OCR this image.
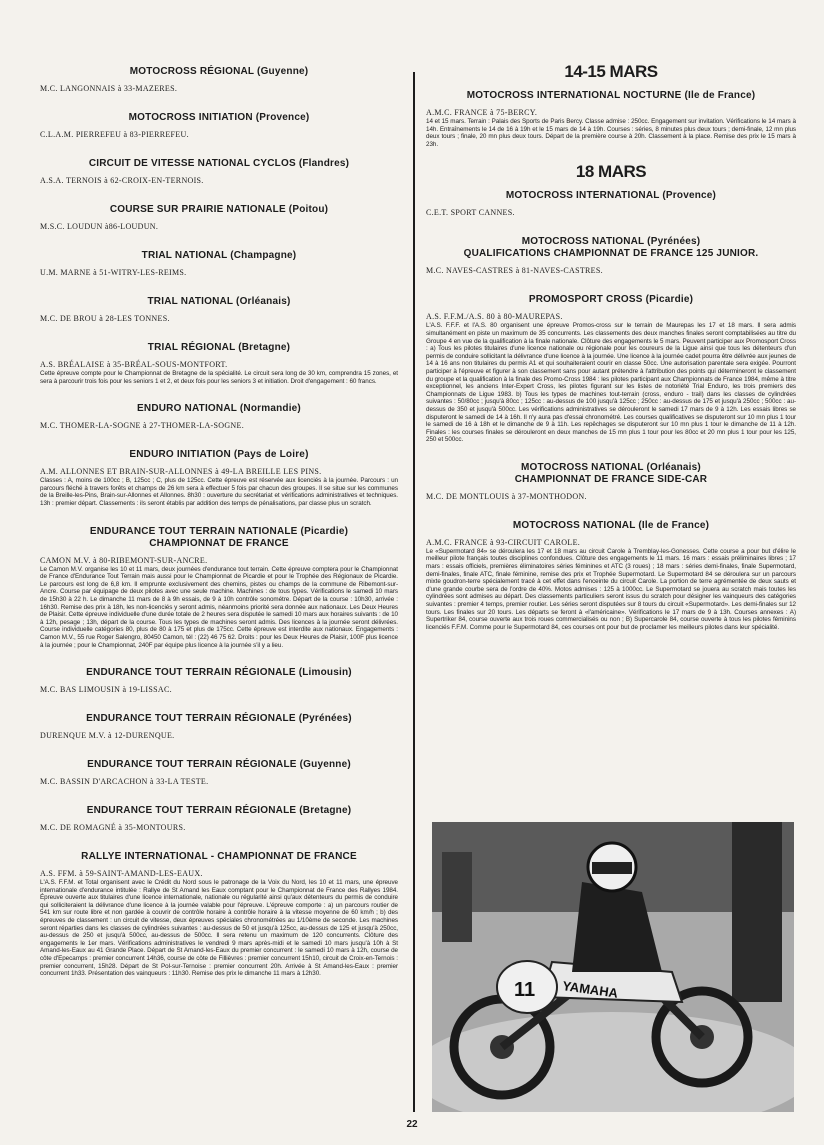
MOTOCROSS RÉGIONAL (Guyenne)

M.C. LANGONNAIS à 33-MAZERES.

MOTOCROSS INITIATION (Provence)

C.L.A.M. PIERREFEU à 83-PIERREFEU.

CIRCUIT DE VITESSE NATIONAL CYCLOS (Flandres)

A.S.A. TERNOIS à 62-CROIX-EN-TERNOIS.

COURSE SUR PRAIRIE NATIONALE (Poitou)

M.S.C. LOUDUN à86-LOUDUN.

TRIAL NATIONAL (Champagne)

U.M. MARNE à 51-WITRY-LES-REIMS.

TRIAL NATIONAL (Orléanais)

M.C. DE BROU à 28-LES TONNES.

TRIAL RÉGIONAL (Bretagne)

A.S. BRÉALAISE à 35-BRÉAL-SOUS-MONTFORT.

Cette épreuve compte pour le Championnat de Bretagne de la spécialité. Le circuit sera long de 30 km, comprendra 15 zones, et sera à parcourir trois fois pour les seniors 1 et 2, et deux fois pour les seniors 3 et initiation. Droit d'engagement : 60 francs.

ENDURO NATIONAL (Normandie)

M.C. THOMER-LA-SOGNE à 27-THOMER-LA-SOGNE.

ENDURO INITIATION (Pays de Loire)

A.M. ALLONNES ET BRAIN-SUR-ALLONNES à 49-LA BREILLE LES PINS.

Classes : A, moins de 100cc ; B, 125cc ; C, plus de 125cc. Cette épreuve est réservée aux licenciés à la journée. Parcours : un parcours fléché à travers forêts et champs de 26 km sera à effectuer 5 fois par chacun des groupes. Il se situe sur les communes de la Breille-les-Pins, Brain-sur-Allonnes et Allonnes. 8h30 : ouverture du secrétariat et vérifications administratives et techniques. 13h : premier départ. Classements : ils seront établis par addition des temps de pénalisations, par classe plus un scratch.

ENDURANCE TOUT TERRAIN NATIONALE (Picardie)

CHAMPIONNAT DE FRANCE

CAMON M.V. à 80-RIBEMONT-SUR-ANCRE.

Le Camon M.V. organise les 10 et 11 mars, deux journées d'endurance tout terrain. Cette épreuve comptera pour le Championnat de France d'Endurance Tout Terrain mais aussi pour le Championnat de Picardie et pour le Trophée des Régionaux de Picardie. Le parcours est long de 6,8 km. Il emprunte exclusivement des chemins, pistes ou champs de la commune de Ribemont-sur-Ancre. Course par équipage de deux pilotes avec une seule machine. Machines : de tous types. Vérifications le samedi 10 mars de 15h30 à 22 h. Le dimanche 11 mars de 8 à 9h essais, de 9 à 10h contrôle sonométre. Départ de la course : 10h30, arrivée : 16h30. Remise des prix à 18h, les non-licenciés y seront admis, néanmoins priorité sera donnée aux nationaux. Les Deux Heures de Plaisir. Cette épreuve individuelle d'une durée totale de 2 heures sera disputée le samedi 10 mars aux horaires suivants : de 10 à 12h, pesage ; 13h, départ de la course. Tous les types de machines seront admis. Des licences à la journée seront délivrées. Course individuelle catégories 80, plus de 80 à 175 et plus de 175cc. Cette épreuve est interdite aux nationaux. Engagements : Camon M.V., 55 rue Roger Salengro, 80450 Camon, tél : (22) 46 75 62. Droits : pour les Deux Heures de Plaisir, 100F plus licence à la journée ; pour le Championnat, 240F par équipe plus licence à la journée s'il y a lieu.

ENDURANCE TOUT TERRAIN RÉGIONALE (Limousin)

M.C. BAS LIMOUSIN à 19-LISSAC.

ENDURANCE TOUT TERRAIN RÉGIONALE (Pyrénées)

DURENQUE M.V. à 12-DURENQUE.

ENDURANCE TOUT TERRAIN RÉGIONALE (Guyenne)

M.C. BASSIN D'ARCACHON à 33-LA TESTE.

ENDURANCE TOUT TERRAIN RÉGIONALE (Bretagne)

M.C. DE ROMAGNÉ à 35-MONTOURS.

RALLYE INTERNATIONAL - CHAMPIONNAT DE FRANCE

A.S. FFM. à 59-SAINT-AMAND-LES-EAUX.

L'A.S. F.F.M. et Total organisent avec le Crédit du Nord sous le patronage de la Voix du Nord, les 10 et 11 mars, une épreuve internationale d'endurance intitulée : Rallye de St Amand les Eaux comptant pour le Championnat de France des Rallyes 1984. Épreuve ouverte aux titulaires d'une licence internationale, nationale ou régularité ainsi qu'aux détenteurs du permis de conduire qui solliciteraient la délivrance d'une licence à la journée valable pour l'épreuve. L'épreuve comporte : a) un parcours routier de 541 km sur route libre et non gardée à couvrir de contrôle horaire à contrôle horaire à la vitesse moyenne de 60 km/h ; b) des épreuves de classement : un circuit de vitesse, deux épreuves spéciales chronométrées au 1/10ème de seconde. Les machines seront réparties dans les classes de cylindrées suivantes : au-dessus de 50 et jusqu'à 125cc, au-dessus de 125 et jusqu'à 250cc, au-dessus de 250 et jusqu'à 500cc, au-dessus de 500cc. Il sera retenu un maximum de 120 concurrents. Clôture des engagements le 1er mars. Vérifications administratives le vendredi 9 mars après-midi et le samedi 10 mars jusqu'à 10h à St Amand-les-Eaux au 41 Grande Place. Départ de St Amand-les-Eaux du premier concurrent : le samedi 10 mars à 12h, course de côte d'Epecamps : premier concurrent 14h36, course de côte de Fillièvres : premier concurrent 15h10, circuit de Croix-en-Ternois : premier concurrent, 15h28. Départ de St Pol-sur-Ternoise : premier concurrent 20h. Arrivée à St Amand-les-Eaux : premier concurrent 1h33. Présentation des vainqueurs : 11h30. Remise des prix le dimanche 11 mars à 12h30.

14-15 MARS

MOTOCROSS INTERNATIONAL NOCTURNE (Ile de France)

A.M.C. FRANCE à 75-BERCY.

14 et 15 mars. Terrain : Palais des Sports de Paris Bercy. Classe admise : 250cc. Engagement sur invitation. Vérifications le 14 mars à 14h. Entraînements le 14 de 16 à 19h et le 15 mars de 14 à 19h. Courses : séries, 8 minutes plus deux tours ; demi-finale, 12 mn plus deux tours ; finale, 20 mn plus deux tours. Départ de la première course à 20h. Classement à la place. Remise des prix le 15 mars à 23h.

18 MARS

MOTOCROSS INTERNATIONAL (Provence)

C.E.T. SPORT CANNES.

MOTOCROSS NATIONAL (Pyrénées)

QUALIFICATIONS CHAMPIONNAT DE FRANCE 125 JUNIOR.

M.C. NAVES-CASTRES à 81-NAVES-CASTRES.

PROMOSPORT CROSS (Picardie)

A.S. F.F.M./A.S. 80 à 80-MAUREPAS.

L'A.S. F.F.F. et l'A.S. 80 organisent une épreuve Promos-cross sur le terrain de Maurepas les 17 et 18 mars. Il sera admis simultanément en piste un maximum de 35 concurrents. Les classements des deux manches finales seront comptabilisées au titre du Groupe 4 en vue de la qualification à la finale nationale. Clôture des engagements le 5 mars. Peuvent participer aux Promosport Cross : a) Tous les pilotes titulaires d'une licence nationale ou régionale pour les coureurs de la Ligue ainsi que tous les détenteurs d'un permis de conduire sollicitant la délivrance d'une licence à la journée. Une licence à la journée cadet pourra être délivrée aux jeunes de 14 à 16 ans non titulaires du permis A1 et qui souhaiteraient courir en classe 50cc. Une autorisation parentale sera exigée. Pourront participer à l'épreuve et figurer à son classement sans pour autant prétendre à l'attribution des points qui détermineront le classement du groupe et la qualification à la finale des Promo-Cross 1984 : les pilotes participant aux Championnats de France 1984, même à titre exceptionnel, les anciens Inter-Expert Cross, les pilotes figurant sur les listes de notoriété Trial Enduro, les trois premiers des Championnats de Ligue 1983. b) Tous les types de machines tout-terrain (cross, enduro - trail) dans les classes de cylindrées suivantes : 50/80cc ; jusqu'à 80cc ; 125cc : au-dessus de 100 jusqu'à 125cc ; 250cc : au-dessus de 175 et jusqu'à 250cc ; 500cc : au-dessus de 350 et jusqu'à 500cc. Les vérifications administratives se dérouleront le samedi 17 mars de 9 à 12h. Les essais libres se disputeront le samedi de 14 à 16h. Il n'y aura pas d'essai chronométré. Les courses qualificatives se disputeront sur 10 mn plus 1 tour le samedi de 16 à 18h et le dimanche de 9 à 11h. Les repêchages se disputeront sur 10 mn plus 1 tour le dimanche de 11 à 12h. Finales : les courses finales se dérouleront en deux manches de 15 mn plus 1 tour pour les 80cc et 20 mn plus 1 tour pour les 125, 250 et 500cc.

MOTOCROSS NATIONAL (Orléanais)

CHAMPIONNAT DE FRANCE SIDE-CAR

M.C. DE MONTLOUIS à 37-MONTHODON.

MOTOCROSS NATIONAL (Ile de France)

A.M.C. FRANCE à 93-CIRCUIT CAROLE.

Le «Supermotard 84» se déroulera les 17 et 18 mars au circuit Carole à Tremblay-les-Gonesses. Cette course a pour but d'élire le meilleur pilote français toutes disciplines confondues. Clôture des engagements le 11 mars. 16 mars : essais préliminaires libres ; 17 mars : essais officiels, premières éliminatoires séries féminines et ATC (3 roues) ; 18 mars : séries demi-finales, finale Supermotard, demi-finales, finale ATC, finale féminine, remise des prix et Trophée Supermotard. Le Supermotard 84 se déroulera sur un parcours mixte goudron-terre spécialement tracé à cet effet dans l'enceinte du circuit Carole. La portion de terre agrémentée de deux sauts et d'une grande courbe sera de l'ordre de 40%. Motos admises : 125 à 1000cc. Le Supermotard se jouera au scratch mais toutes les cylindrées sont admises au départ. Des classements particuliers seront issus du scratch pour désigner les vainqueurs des catégories suivantes : premier 4 temps, premier routier. Les séries seront disputées sur 8 tours du circuit «Supermotard». Les demi-finales sur 12 tours. Les finales sur 20 tours. Les départs se feront à «l'américaine». Vérifications le 17 mars de 9 à 13h. Courses annexes : A) Supertriker 84, course ouverte aux trois roues commercialisés ou non ; B) Supercarole 84, course ouverte à tous les pilotes féminins licenciés F.F.M. Comme pour le Supermotard 84, ces courses ont pour but de proclamer les meilleurs pilotes dans leur spécialité.

YAMAHA
11
22
